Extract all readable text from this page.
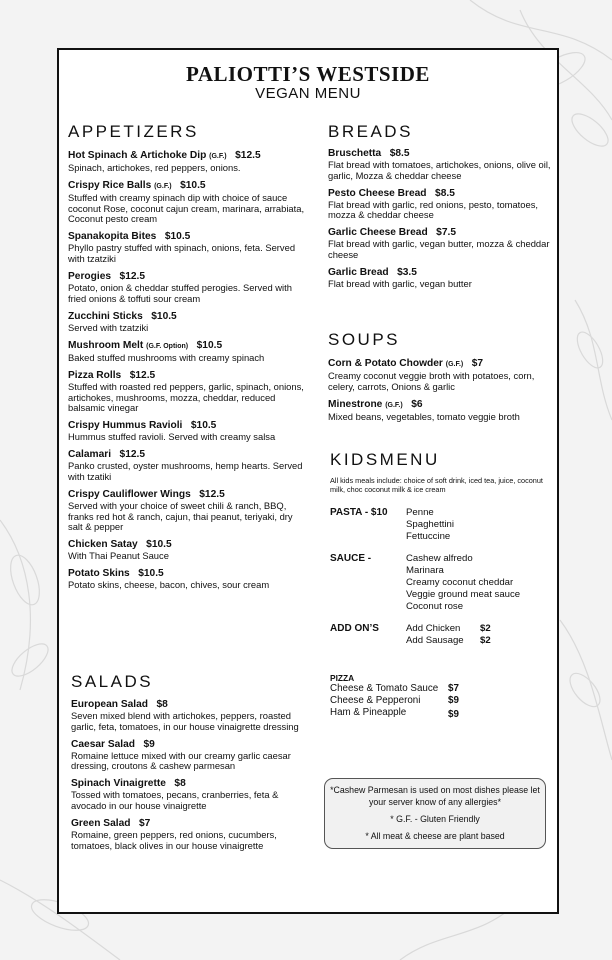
PALIOTTI’S WESTSIDE
VEGAN MENU
APPETIZERS
Hot Spinach & Artichoke Dip (G.F.) $12.5
Spinach, artichokes, red peppers, onions.
Crispy Rice Balls (G.F.) $10.5
Stuffed with creamy spinach dip with choice of sauce coconut Rose, coconut cajun cream, marinara, arrabiata, Coconut pesto cream
Spanakopita Bites $10.5
Phyllo pastry stuffed with spinach, onions, feta. Served with tzatziki
Perogies $12.5
Potato, onion & cheddar stuffed perogies. Served with fried onions & toffuti sour cream
Zucchini Sticks $10.5
Served with tzatziki
Mushroom Melt (G.F. Option) $10.5
Baked stuffed mushrooms with creamy spinach
Pizza Rolls $12.5
Stuffed with roasted red peppers, garlic, spinach, onions, artichokes, mushrooms, mozza, cheddar, reduced balsamic vinegar
Crispy Hummus Ravioli $10.5
Hummus stuffed ravioli. Served with creamy salsa
Calamari $12.5
Panko crusted, oyster mushrooms, hemp hearts. Served with tzatiki
Crispy Cauliflower Wings $12.5
Served with your choice of sweet chili & ranch, BBQ, franks red hot & ranch, cajun, thai peanut, teriyaki, dry salt & pepper
Chicken Satay $10.5
With Thai Peanut Sauce
Potato Skins $10.5
Potato skins, cheese, bacon, chives, sour cream
SALADS
European Salad $8
Seven mixed blend with artichokes, peppers, roasted garlic, feta, tomatoes, in our house vinaigrette dressing
Caesar Salad $9
Romaine lettuce mixed with our creamy garlic caesar dressing, croutons & cashew parmesan
Spinach Vinaigrette $8
Tossed with tomatoes, pecans, cranberries, feta & avocado in our house vinaigrette
Green Salad $7
Romaine, green peppers, red onions, cucumbers, tomatoes, black olives in our house vinaigrette
BREADS
Bruschetta $8.5
Flat bread with tomatoes, artichokes, onions, olive oil, garlic, Mozza & cheddar cheese
Pesto Cheese Bread $8.5
Flat bread with garlic, red onions, pesto, tomatoes, mozza & cheddar cheese
Garlic Cheese Bread $7.5
Flat bread with garlic, vegan butter, mozza & cheddar cheese
Garlic Bread $3.5
Flat bread with garlic, vegan butter
SOUPS
Corn & Potato Chowder (G.F.) $7
Creamy coconut veggie broth with potatoes, corn, celery, carrots, Onions & garlic
Minestrone (G.F.) $6
Mixed beans, vegetables, tomato veggie broth
KIDSMENU
All kids meals include: choice of soft drink, iced tea, juice, coconut milk, choc coconut milk & ice cream
PASTA - $10	Penne
Spaghettini
Fettuccine
SAUCE -	Cashew alfredo
Marinara
Creamy coconut cheddar
Veggie ground meat sauce
Coconut rose
ADD ON’S	Add Chicken	$2
Add Sausage	$2
PIZZA
Cheese & Tomato Sauce $7
Cheese & Pepperoni	$9
Ham & Pineapple	$9
*Cashew Parmesan is used on most dishes please let your server know of any allergies*
* G.F. - Gluten Friendly
* All meat & cheese are plant based
